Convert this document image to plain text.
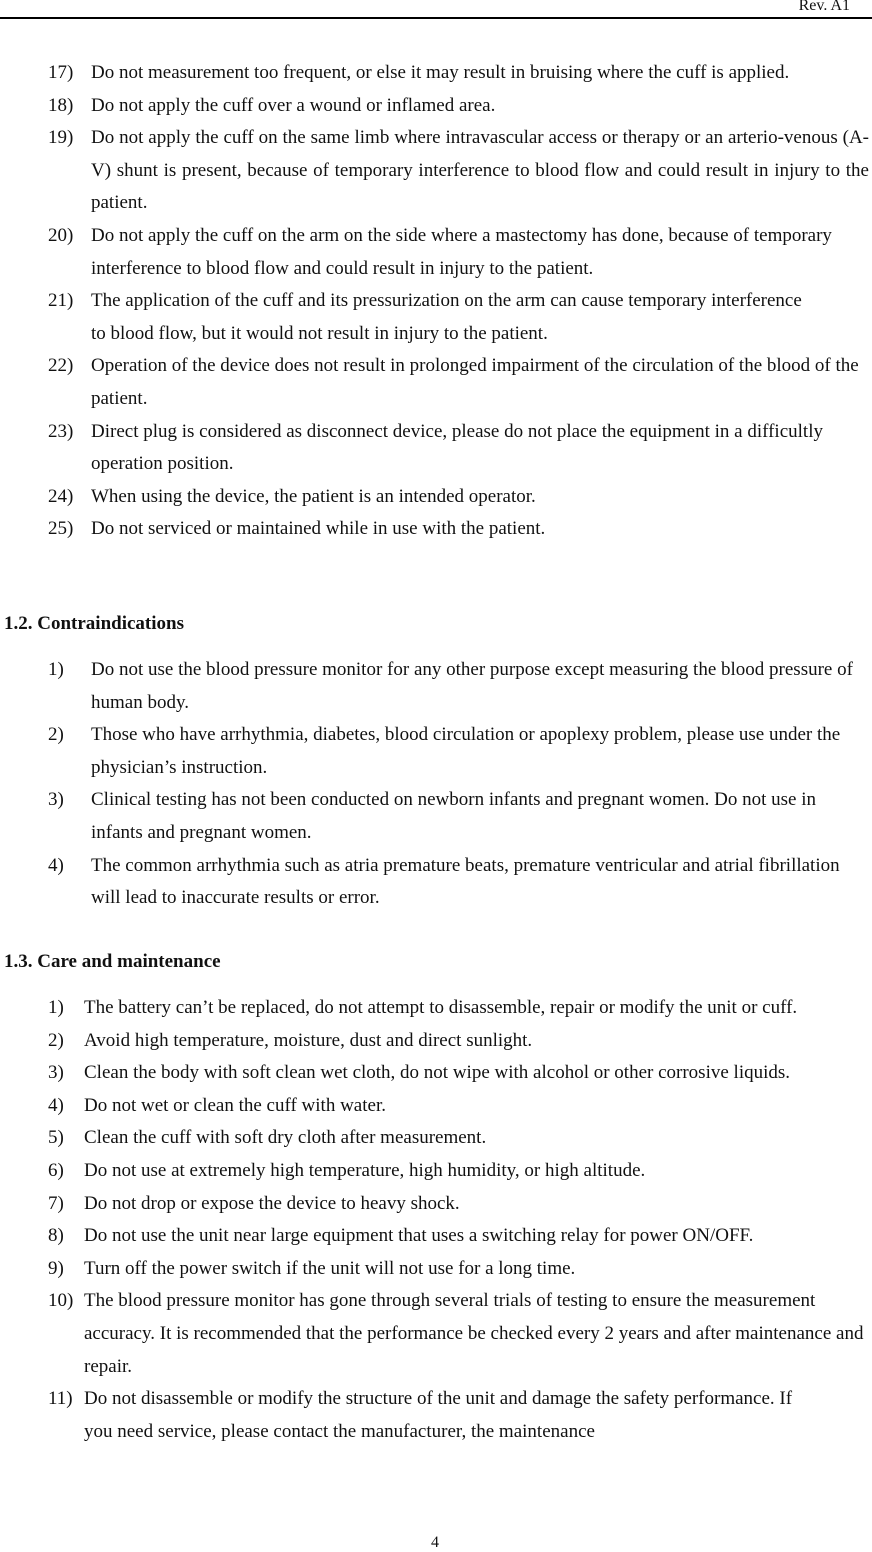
Rev. A1
17) Do not measurement too frequent, or else it may result in bruising where the cuff is applied.
18) Do not apply the cuff over a wound or inflamed area.
19) Do not apply the cuff on the same limb where intravascular access or therapy or an arterio-venous (A-V) shunt is present, because of temporary interference to blood flow and could result in injury to the patient.
20) Do not apply the cuff on the arm on the side where a mastectomy has done, because of temporary interference to blood flow and could result in injury to the patient.
21) The application of the cuff and its pressurization on the arm can cause temporary interference to blood flow, but it would not result in injury to the patient.
22) Operation of the device does not result in prolonged impairment of the circulation of the blood of the patient.
23) Direct plug is considered as disconnect device, please do not place the equipment in a difficultly operation position.
24) When using the device, the patient is an intended operator.
25) Do not serviced or maintained while in use with the patient.
1.2. Contraindications
1) Do not use the blood pressure monitor for any other purpose except measuring the blood pressure of human body.
2) Those who have arrhythmia, diabetes, blood circulation or apoplexy problem, please use under the physician’s instruction.
3) Clinical testing has not been conducted on newborn infants and pregnant women. Do not use in infants and pregnant women.
4) The common arrhythmia such as atria premature beats, premature ventricular and atrial fibrillation will lead to inaccurate results or error.
1.3. Care and maintenance
1) The battery can’t be replaced, do not attempt to disassemble, repair or modify the unit or cuff.
2) Avoid high temperature, moisture, dust and direct sunlight.
3) Clean the body with soft clean wet cloth, do not wipe with alcohol or other corrosive liquids.
4) Do not wet or clean the cuff with water.
5) Clean the cuff with soft dry cloth after measurement.
6) Do not use at extremely high temperature, high humidity, or high altitude.
7) Do not drop or expose the device to heavy shock.
8) Do not use the unit near large equipment that uses a switching relay for power ON/OFF.
9) Turn off the power switch if the unit will not use for a long time.
10) The blood pressure monitor has gone through several trials of testing to ensure the measurement accuracy. It is recommended that the performance be checked every 2 years and after maintenance and repair.
11) Do not disassemble or modify the structure of the unit and damage the safety performance. If you need service, please contact the manufacturer, the maintenance
4
